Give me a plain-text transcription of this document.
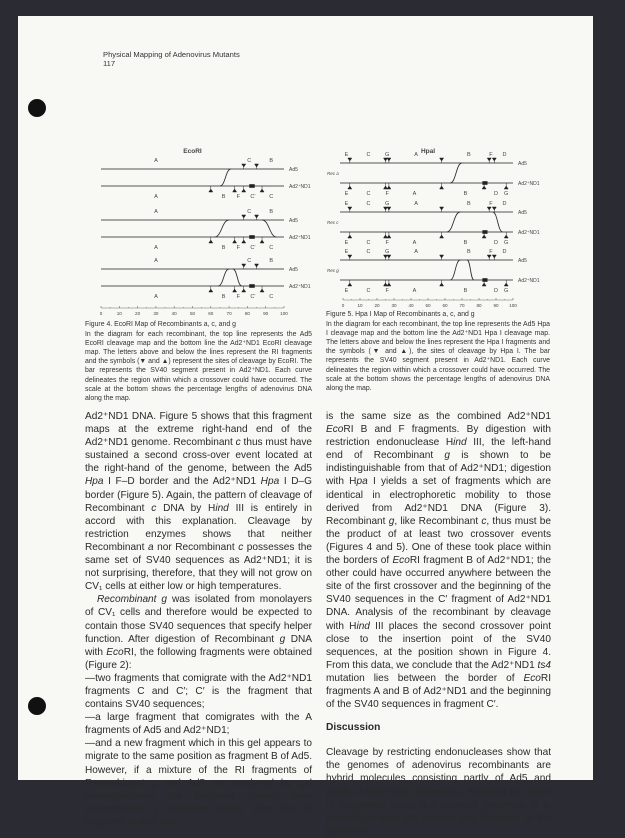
Physical Mapping of Adenovirus Mutants
117
EcoRI
Ad5
Ad2⁺ND1
A	C	B
A	B F C′	C
Ad5
Ad2⁺ND1
A	C	B
A	B F C′	C
Ad5
Ad2⁺ND1
A	C	B
A	B F C′	C
0	10	20	30	40	50	60	70	80	90	100
HpaI
Ad5
Ad2⁺ND1
Rec a
E	C	G	A	B	F D
E	C	F	A	B	D G
Ad5
Ad2⁺ND1
Rec c
E	C	G	A	B	F D
E	C	F	A	B	D G
Ad5
Ad2⁺ND1
Rec g
E	C	G	A	B	F D
E	C	F	A	B	D G
0	10	20	30	40	50	60	70	80	90 100
Figure 4. EcoRI Map of Recombinants a, c, and g
In the diagram for each recombinant, the top line represents the Ad5 EcoRI cleavage map and the bottom line the Ad2⁺ND1 EcoRI cleavage map. The letters above and below the lines represent the RI fragments and the symbols (▼ and ▲) represent the sites of cleavage by EcoRI. The bar represents the SV40 segment present in Ad2⁺ND1. Each curve delineates the region within which a crossover could have occurred. The scale at the bottom shows the percentage lengths of adenovirus DNA along the map.
Figure 5. Hpa I Map of Recombinants a, c, and g
In the diagram for each recombinant, the top line represents the Ad5 Hpa I cleavage map and the bottom line the Ad2⁺ND1 Hpa I cleavage map. The letters above and below the lines represent the Hpa I fragments and the symbols (▼ and ▲), the sites of cleavage by Hpa I. The bar represents the SV40 segment present in Ad2⁺ND1. Each curve delineates the region within which a crossover could have occurred. The scale at the bottom shows the percentage lengths of adenovirus DNA along the map.

Ad2⁺ND1 DNA. Figure 5 shows that this fragment maps at the extreme right-hand end of the Ad2⁺ND1 genome. Recombinant c thus must have sustained a second cross-over event located at the right-hand of the genome, between the Ad5 Hpa I F–D border and the Ad2⁺ND1 Hpa I D–G border (Figure 5). Again, the pattern of cleavage of Recombinant c DNA by Hind III is entirely in accord with this explanation. Cleavage by restriction enzymes shows that neither Recombinant a nor Recombinant c possesses the same set of SV40 sequences as Ad2⁺ND1; it is not surprising, therefore, that they will not grow on CV₁ cells at either low or high temperatures.

Recombinant g was isolated from monolayers of CV₁ cells and therefore would be expected to contain those SV40 sequences that specify helper function. After digestion of Recombinant g DNA with EcoRI, the following fragments were obtained (Figure 2):

—two fragments that comigrate with the Ad2⁺ND1 fragments C and C′; C′ is the fragment that contains SV40 sequences;

—a large fragment that comigrates with the A fragments of Ad5 and Ad2⁺ND1;

—and a new fragment which in this gel appears to migrate to the same position as fragment B of Ad5. However, if a mixture of the RI fragments of Recombinant g and Ad5 are analyzed by gel electrophoresis, the fragment derived from Recombinant g migrates faster than the B fragment of Ad5 and

is the same size as the combined Ad2⁺ND1 EcoRI B and F fragments. By digestion with restriction endonuclease Hind III, the left-hand end of Recombinant g is shown to be indistinguishable from that of Ad2⁺ND1; digestion with Hpa I yields a set of fragments which are identical in electrophoretic mobility to those derived from Ad2⁺ND1 DNA (Figure 3). Recombinant g, like Recombinant c, thus must be the product of at least two crossover events (Figures 4 and 5). One of these took place within the borders of EcoRI fragment B of Ad2⁺ND1; the other could have occurred anywhere between the site of the first crossover and the beginning of the SV40 sequences in the C′ fragment of Ad2⁺ND1 DNA. Analysis of the recombinant by cleavage with Hind III places the second crossover point close to the insertion point of the SV40 sequences, at the position shown in Figure 4. From this data, we conclude that the Ad2⁺ND1 ts4 mutation lies between the border of EcoRI fragments A and B of Ad2⁺ND1 and the beginning of the SV40 sequences in fragment C′.

Discussion

Cleavage by restricting endonucleases show that the genomes of adenovirus recombinants are hybrid molecules consisting partly of Ad5 and partly of Ad2⁺ND1 sequences. Knowing the order of fragments along the parental genomes, it is possible to map the number and locations of the junctions
